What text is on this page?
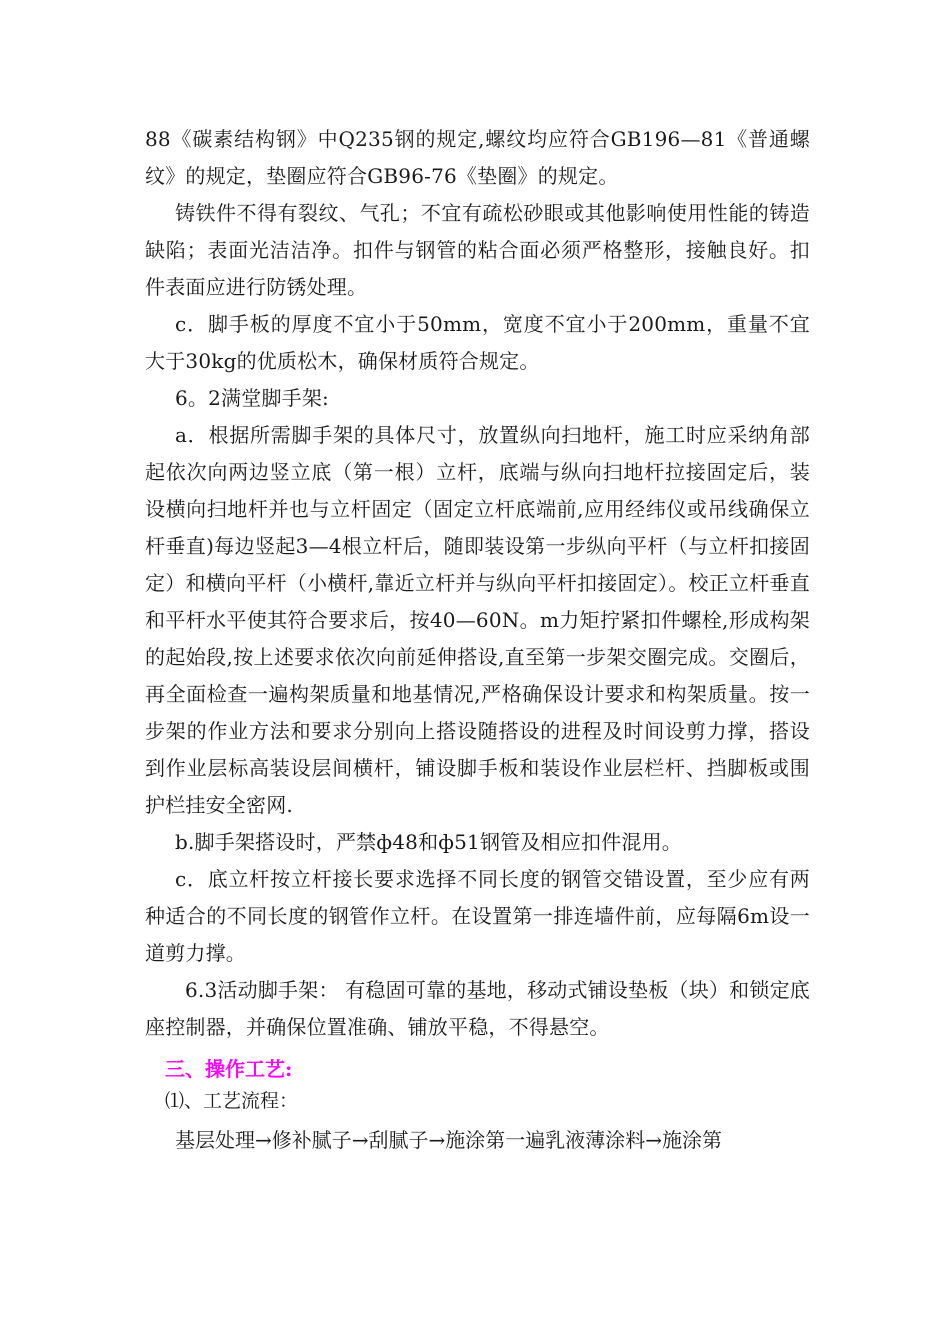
88《碳素结构钢》中Q235钢的规定,螺纹均应符合GB196—81《普通螺纹》的规定，垫圈应符合GB96-76《垫圈》的规定。

铸铁件不得有裂纹、气孔；不宜有疏松砂眼或其他影响使用性能的铸造缺陷；表面光洁洁净。扣件与钢管的粘合面必须严格整形，接触良好。扣件表面应进行防锈处理。

c．脚手板的厚度不宜小于50mm，宽度不宜小于200mm，重量不宜大于30kg的优质松木，确保材质符合规定。

6。2满堂脚手架:

a．根据所需脚手架的具体尺寸，放置纵向扫地杆，施工时应采纳角部起依次向两边竖立底（第一根）立杆，底端与纵向扫地杆拉接固定后，装设横向扫地杆并也与立杆固定（固定立杆底端前,应用经纬仪或吊线确保立杆垂直)每边竖起3—4根立杆后，随即装设第一步纵向平杆（与立杆扣接固定）和横向平杆（小横杆,靠近立杆并与纵向平杆扣接固定）。校正立杆垂直和平杆水平使其符合要求后，按40—60N。m力矩拧紧扣件螺栓,形成构架的起始段,按上述要求依次向前延伸搭设,直至第一步架交圈完成。交圈后，再全面检查一遍构架质量和地基情况,严格确保设计要求和构架质量。按一步架的作业方法和要求分别向上搭设随搭设的进程及时间设剪力撑，搭设到作业层标高装设层间横杆，铺设脚手板和装设作业层栏杆、挡脚板或围护栏挂安全密网.

b.脚手架搭设时，严禁ф48和ф51钢管及相应扣件混用。

c．底立杆按立杆接长要求选择不同长度的钢管交错设置，至少应有两种适合的不同长度的钢管作立杆。在设置第一排连墙件前，应每隔6m设一道剪力撑。

6.3活动脚手架： 有稳固可靠的基地，移动式铺设垫板（块）和锁定底座控制器，并确保位置准确、铺放平稳，不得悬空。

三、操作工艺:

⑴、工艺流程：

基层处理→修补腻子→刮腻子→施涂第一遍乳液薄涂料→施涂第
